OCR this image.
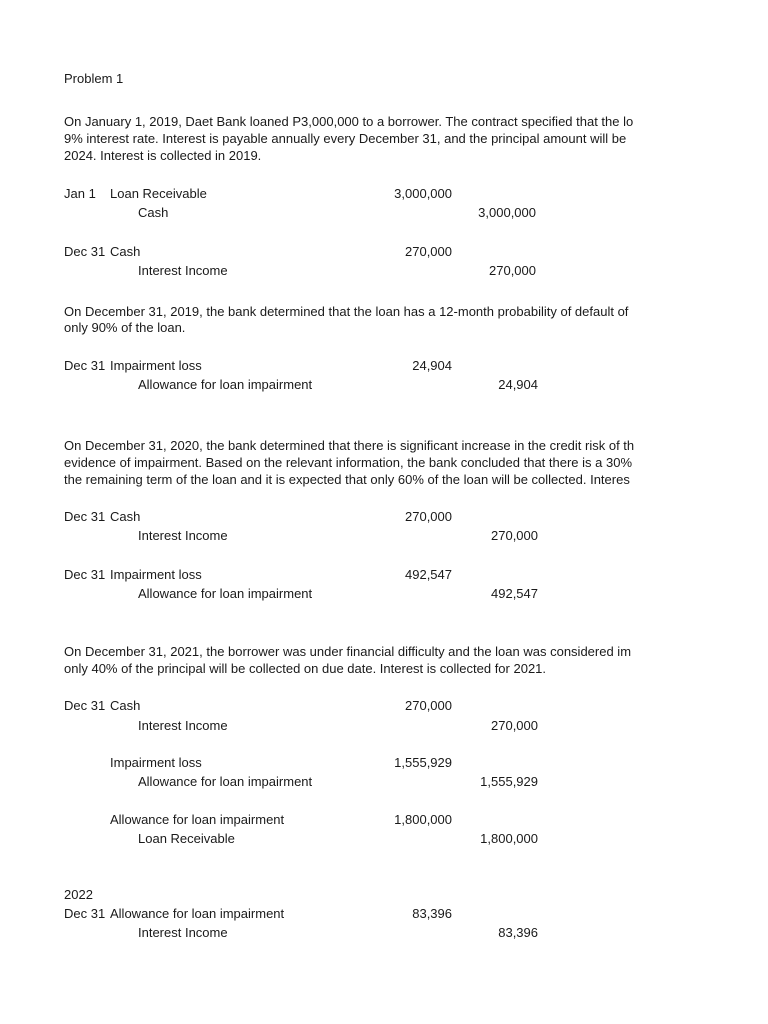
Problem 1
On January 1, 2019, Daet Bank loaned P3,000,000 to a borrower. The contract specified that the lo
9% interest rate. Interest is payable annually every December 31, and the principal amount will be
2024. Interest is collected in 2019.
Jan 1 Loan Receivable	3,000,000
Cash	3,000,000
Dec 31 Cash	270,000
Interest Income	270,000
On December 31, 2019, the bank determined that the loan has a 12-month probability of default of
only 90% of the loan.
Dec 31 Impairment loss	24,904
Allowance for loan impairment	24,904
On December 31, 2020, the bank determined that there is significant increase in the credit risk of th
evidence of impairment. Based on the relevant information, the bank concluded that there is a 30%
the remaining term of the loan and it is expected that only 60% of the loan will be collected. Interes
Dec 31 Cash	270,000
Interest Income	270,000
Dec 31 Impairment loss	492,547
Allowance for loan impairment	492,547
On December 31, 2021, the borrower was under financial difficulty and the loan was considered im
only 40% of the principal will be collected on due date. Interest is collected for 2021.
Dec 31 Cash	270,000
Interest Income	270,000
Impairment loss	1,555,929
Allowance for loan impairment	1,555,929
Allowance for loan impairment	1,800,000
Loan Receivable	1,800,000
2022
Dec 31 Allowance for loan impairment	83,396
Interest Income	83,396
